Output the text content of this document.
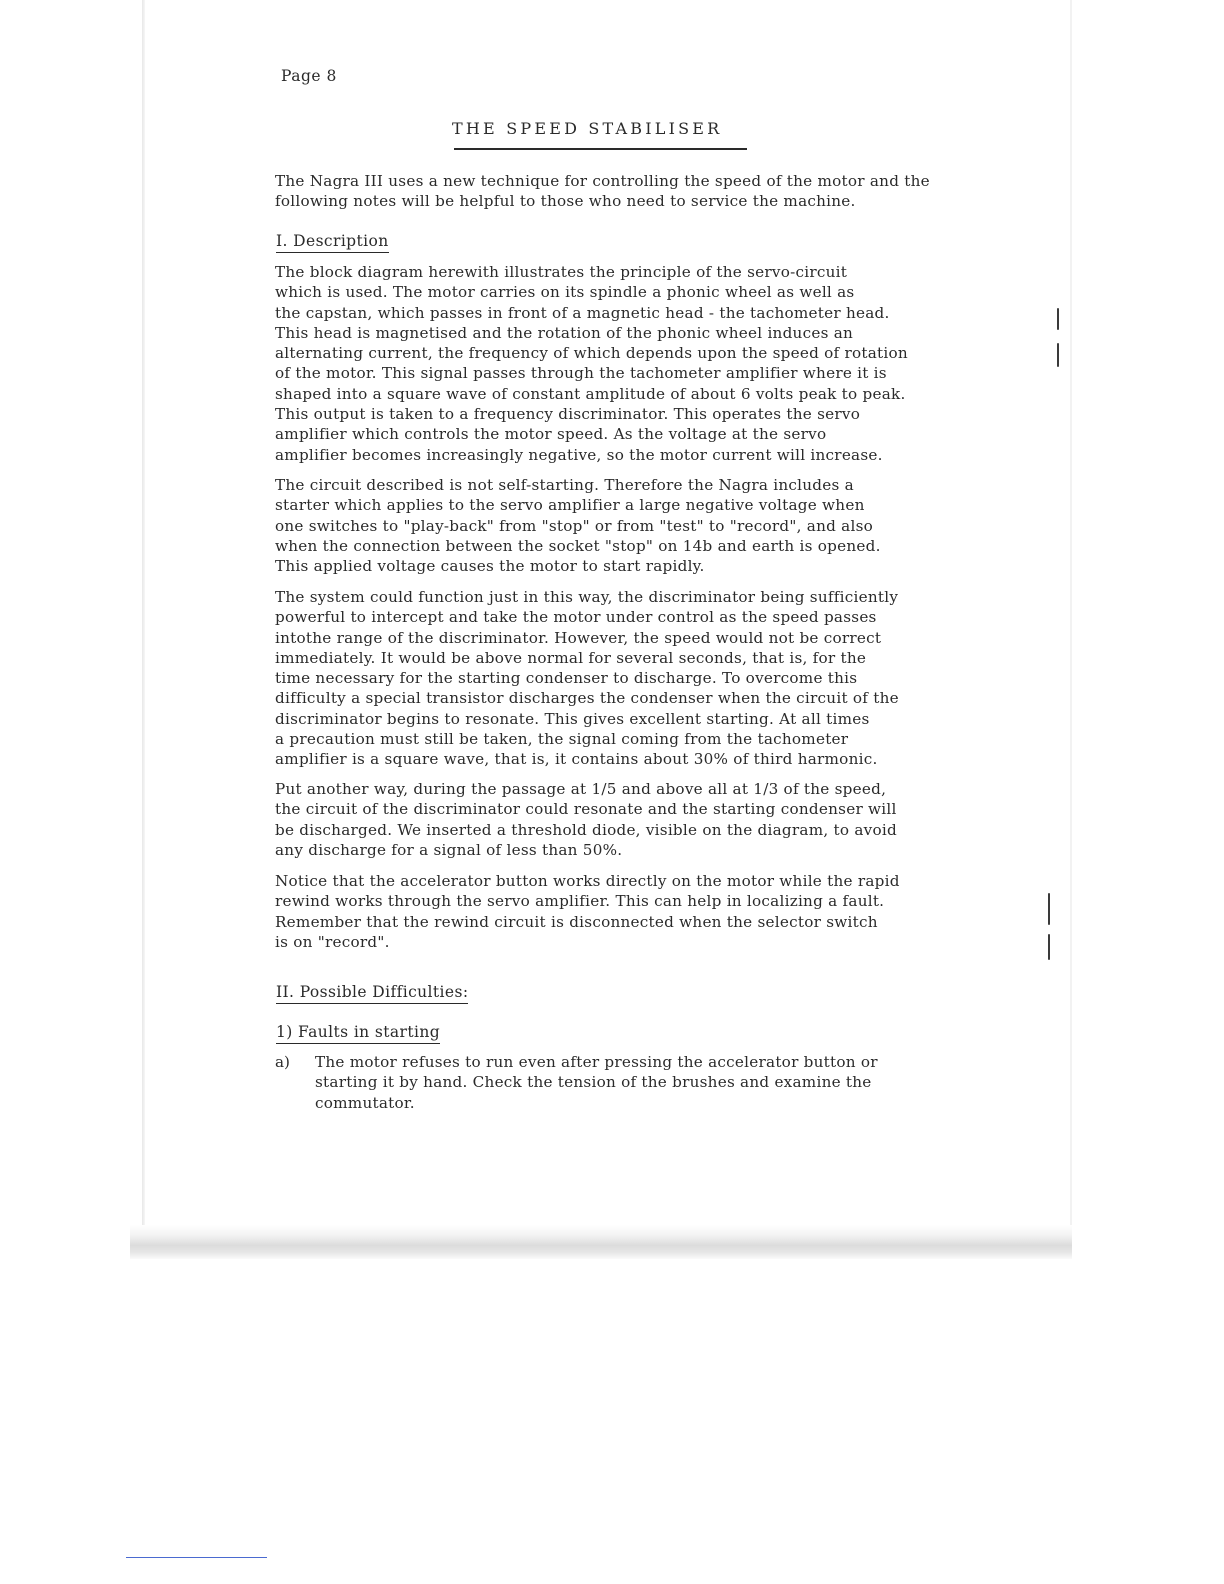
Page 8
THE SPEED STABILISER
The Nagra III uses a new technique for controlling the speed of the motor and the
following notes will be helpful to those who need to service the machine.
I. Description
The block diagram herewith illustrates the principle of the servo-circuit
which is used. The motor carries on its spindle a phonic wheel as well as
the capstan, which passes in front of a magnetic head - the tachometer head.
This head is magnetised and the rotation of the phonic wheel induces an
alternating current, the frequency of which depends upon the speed of rotation
of the motor. This signal passes through the tachometer amplifier where it is
shaped into a square wave of constant amplitude of about 6 volts peak to peak.
This output is taken to a frequency discriminator. This operates the servo
amplifier which controls the motor speed. As the voltage at the servo
amplifier becomes increasingly negative, so the motor current will increase.
The circuit described is not self-starting. Therefore the Nagra includes a
starter which applies to the servo amplifier a large negative voltage when
one switches to "play-back" from "stop" or from "test" to "record", and also
when the connection between the socket "stop" on 14b and earth is opened.
This applied voltage causes the motor to start rapidly.
The system could function just in this way, the discriminator being sufficiently
powerful to intercept and take the motor under control as the speed passes
intothe range of the discriminator. However, the speed would not be correct
immediately. It would be above normal for several seconds, that is, for the
time necessary for the starting condenser to discharge. To overcome this
difficulty a special transistor discharges the condenser when the circuit of the
discriminator begins to resonate. This gives excellent starting. At all times
a precaution must still be taken, the signal coming from the tachometer
amplifier is a square wave, that is, it contains about 30% of third harmonic.
Put another way, during the passage at 1/5 and above all at 1/3 of the speed,
the circuit of the discriminator could resonate and the starting condenser will
be discharged. We inserted a threshold diode, visible on the diagram, to avoid
any discharge for a signal of less than 50%.
Notice that the accelerator button works directly on the motor while the rapid
rewind works through the servo amplifier. This can help in localizing a fault.
Remember that the rewind circuit is disconnected when the selector switch
is on "record".
II. Possible Difficulties:
1) Faults in starting
a) The motor refuses to run even after pressing the accelerator button or
starting it by hand. Check the tension of the brushes and examine the
commutator.
